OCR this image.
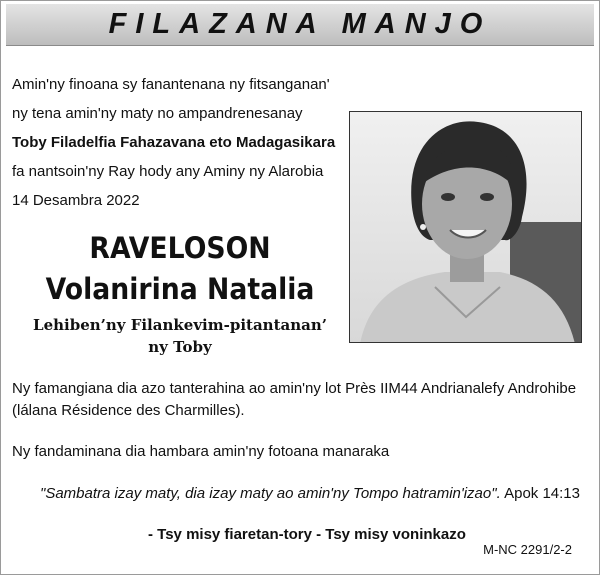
FILAZANA MANJO
Amin'ny finoana sy fanantenana ny fitsanganan'
ny tena amin'ny maty no ampandrenesanay
Toby Filadelfia Fahazavana eto Madagasikara
fa nantsoin'ny Ray hody any Aminy ny Alarobia
14 Desambra 2022
RAVELOSON
Volanirina Natalia
Lehiben’ny Filankevim-pitantanan’
ny Toby
Ny famangiana dia azo tanterahina ao amin'ny lot Près IIM44 Andrianalefy Androhibe (lálana Résidence des Charmilles).
Ny fandaminana dia hambara amin'ny fotoana manaraka
"Sambatra izay maty, dia izay maty ao amin'ny Tompo hatramin'izao". Apok 14:13
- Tsy misy fiaretan-tory - Tsy misy voninkazo
M-NC 2291/2-2
